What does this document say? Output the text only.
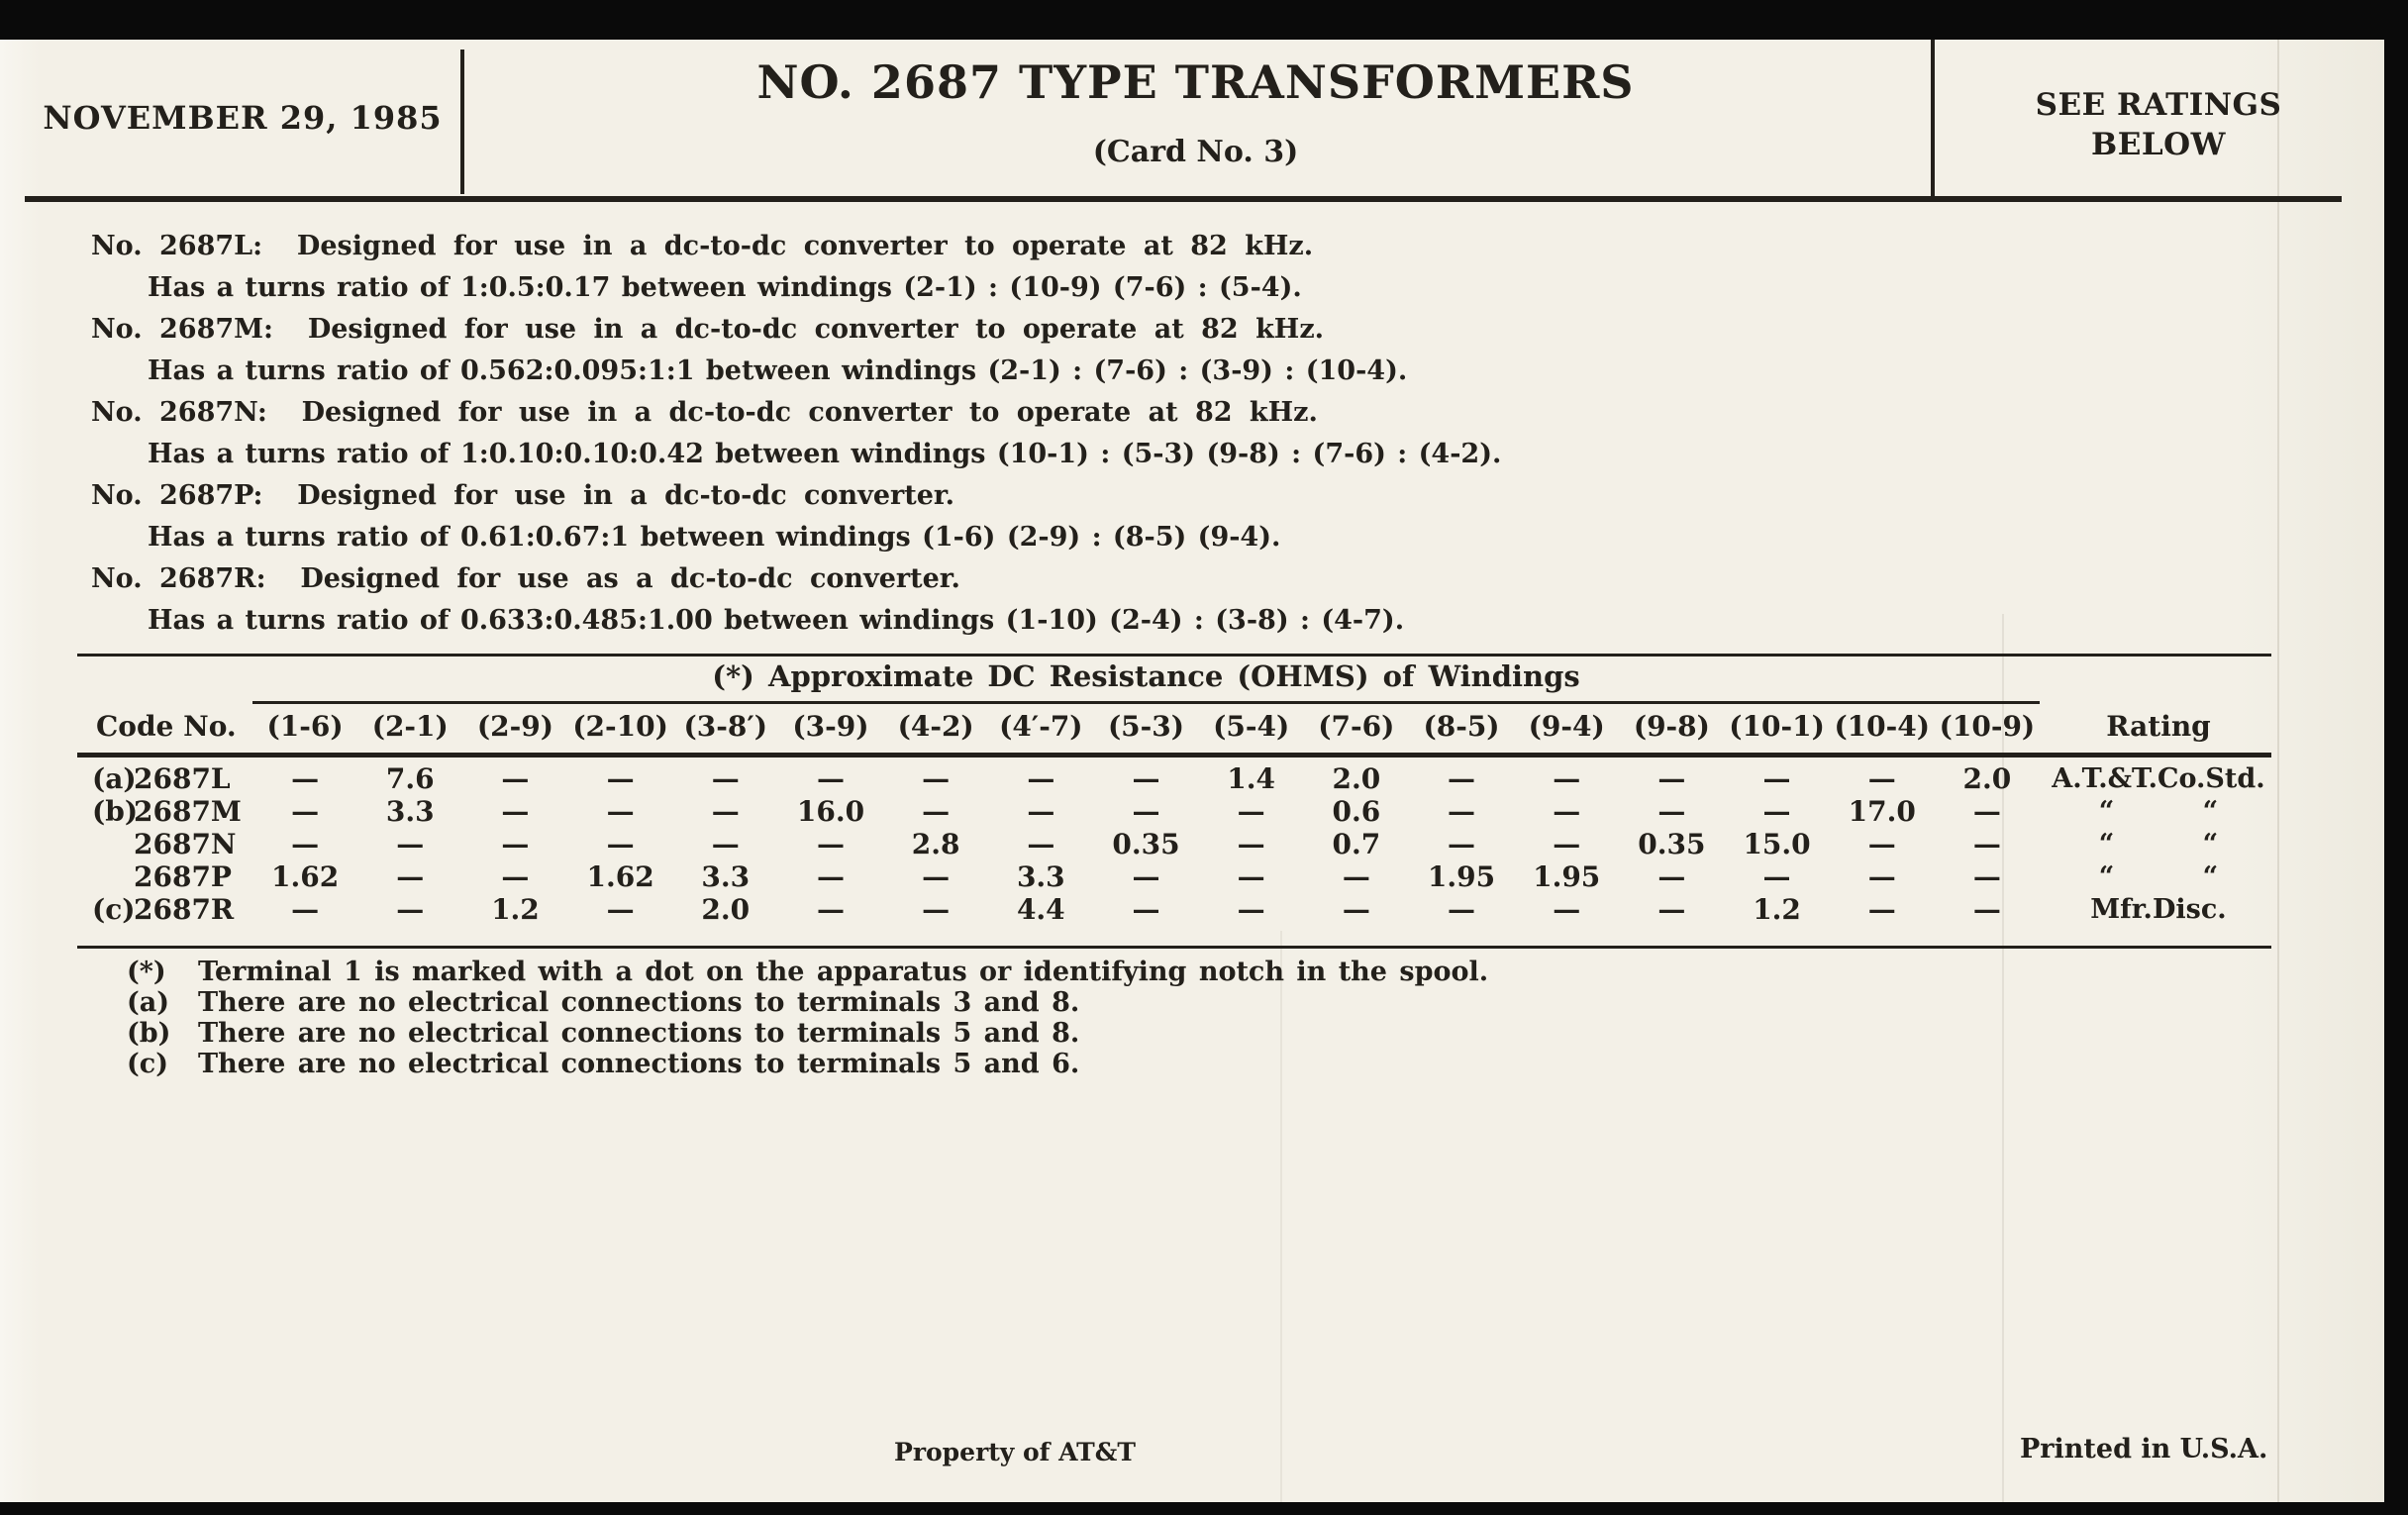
NOVEMBER 29, 1985
NO. 2687 TYPE TRANSFORMERS
(Card No. 3)
SEE RATINGS
BELOW
No. 2687L:  Designed for use in a dc-to-dc converter to operate at 82 kHz.
Has a turns ratio of 1:0.5:0.17 between windings (2-1) : (10-9) (7-6) : (5-4).
No. 2687M:  Designed for use in a dc-to-dc converter to operate at 82 kHz.
Has a turns ratio of 0.562:0.095:1:1 between windings (2-1) : (7-6) : (3-9) : (10-4).
No. 2687N:  Designed for use in a dc-to-dc converter to operate at 82 kHz.
Has a turns ratio of 1:0.10:0.10:0.42 between windings (10-1) : (5-3) (9-8) : (7-6) : (4-2).
No. 2687P:  Designed for use in a dc-to-dc converter.
Has a turns ratio of 0.61:0.67:1 between windings (1-6) (2-9) : (8-5) (9-4).
No. 2687R:  Designed for use as a dc-to-dc converter.
Has a turns ratio of 0.633:0.485:1.00 between windings (1-10) (2-4) : (3-8) : (4-7).
(*) Approximate DC Resistance (OHMS) of Windings
Code No.	(1-6)	(2-1)	(2-9) (2-10) (3-8′) (3-9)	(4-2) (4′-7) (5-3)	(5-4)	(7-6)	(8-5)	(9-4)	(9-8) (10-1) (10-4) (10-9)	Rating
(a)
2687L	—	7.6	—	—	—	—	—	—	—	1.4	2.0	—	—	—	—	—	2.0	A.T.&T.Co.Std.
(b)
2687M	—	3.3	—	—	—	16.0	—	—	—	—	0.6	—	—	—	—	17.0	—	“ “
2687N	—	—	—	—	—	—	2.8	—	0.35	—	0.7	—	—	0.35	15.0	—	—	“ “
2687P	1.62	—	—	1.62	3.3	—	—	3.3	—	—	—	1.95	1.95	—	—	—	—	“ “
(c)
2687R	—	—	1.2	—	2.0	—	—	4.4	—	—	—	—	—	—	1.2	—	—	Mfr.Disc.
(*) Terminal 1 is marked with a dot on the apparatus or identifying notch in the spool.
(a) There are no electrical connections to terminals 3 and 8.
(b) There are no electrical connections to terminals 5 and 8.
(c) There are no electrical connections to terminals 5 and 6.
Property of AT&T	Printed in U.S.A.
